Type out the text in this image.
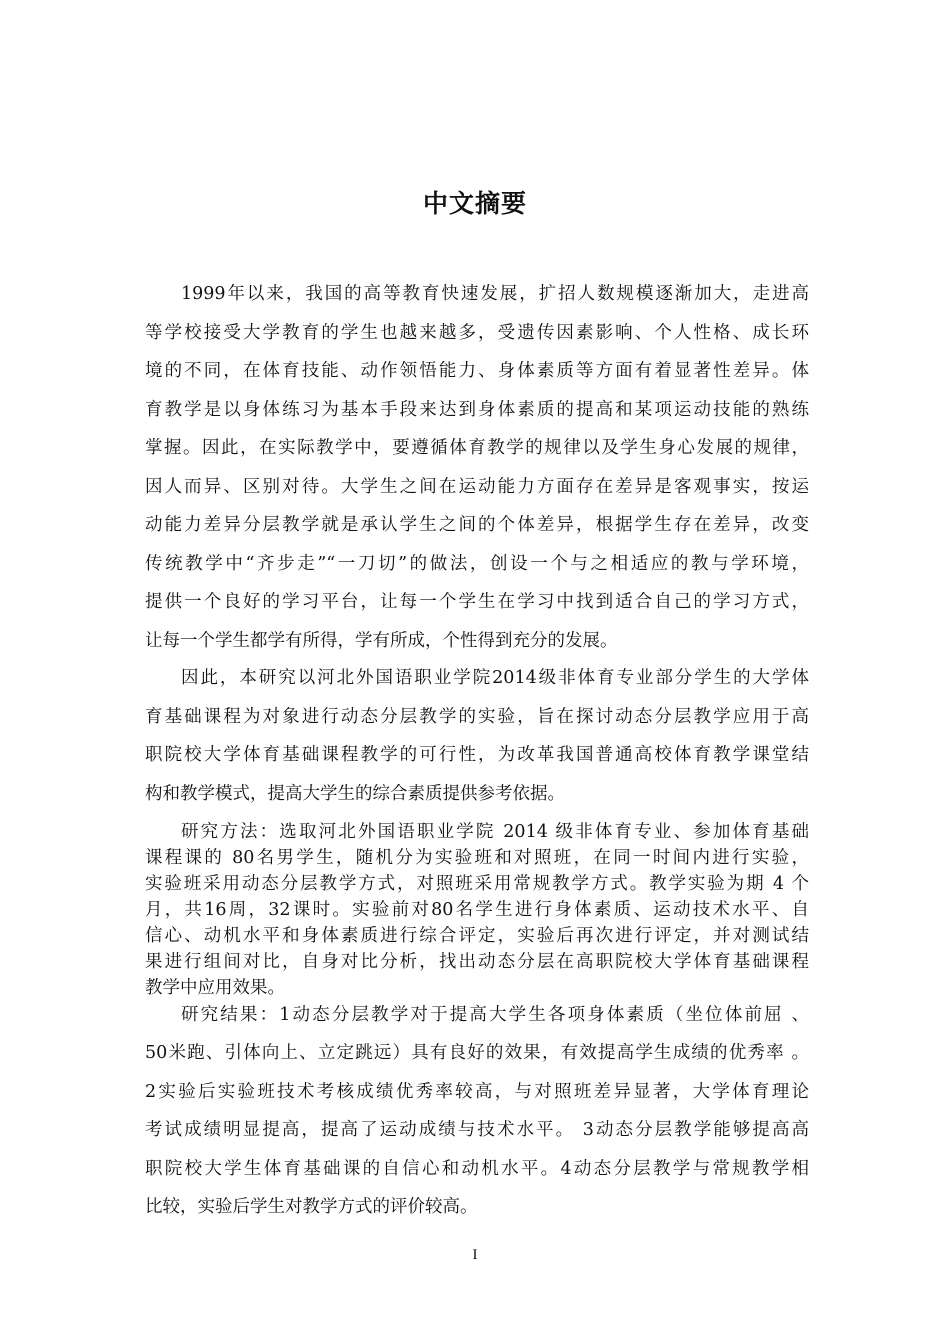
中文摘要
1999年以来，我国的高等教育快速发展，扩招人数规模逐渐加大，走进高
等学校接受大学教育的学生也越来越多，受遗传因素影响、个人性格、成长环
境的不同，在体育技能、动作领悟能力、身体素质等方面有着显著性差异。体
育教学是以身体练习为基本手段来达到身体素质的提高和某项运动技能的熟练
掌握。因此，在实际教学中，要遵循体育教学的规律以及学生身心发展的规律，
因人而异、区别对待。大学生之间在运动能力方面存在差异是客观事实，按运
动能力差异分层教学就是承认学生之间的个体差异，根据学生存在差异，改变
传统教学中“齐步走”“一刀切”的做法，创设一个与之相适应的教与学环境，
提供一个良好的学习平台，让每一个学生在学习中找到适合自己的学习方式，
让每一个学生都学有所得，学有所成，个性得到充分的发展。
因此，本研究以河北外国语职业学院2014级非体育专业部分学生的大学体
育基础课程为对象进行动态分层教学的实验，旨在探讨动态分层教学应用于高
职院校大学体育基础课程教学的可行性，为改革我国普通高校体育教学课堂结
构和教学模式，提高大学生的综合素质提供参考依据。
研究方法：选取河北外国语职业学院 2014 级非体育专业、参加体育基础
课程课的 80名男学生，随机分为实验班和对照班，在同一时间内进行实验，
实验班采用动态分层教学方式，对照班采用常规教学方式。教学实验为期 4 个
月，共16周，32课时。实验前对80名学生进行身体素质、运动技术水平、自
信心、动机水平和身体素质进行综合评定，实验后再次进行评定，并对测试结
果进行组间对比，自身对比分析，找出动态分层在高职院校大学体育基础课程
教学中应用效果。
研究结果：1动态分层教学对于提高大学生各项身体素质（坐位体前屈 、
50米跑、引体向上、立定跳远）具有良好的效果，有效提高学生成绩的优秀率 。
2实验后实验班技术考核成绩优秀率较高，与对照班差异显著，大学体育理论
考试成绩明显提高，提高了运动成绩与技术水平。 3动态分层教学能够提高高
职院校大学生体育基础课的自信心和动机水平。4动态分层教学与常规教学相
比较，实验后学生对教学方式的评价较高。
I
